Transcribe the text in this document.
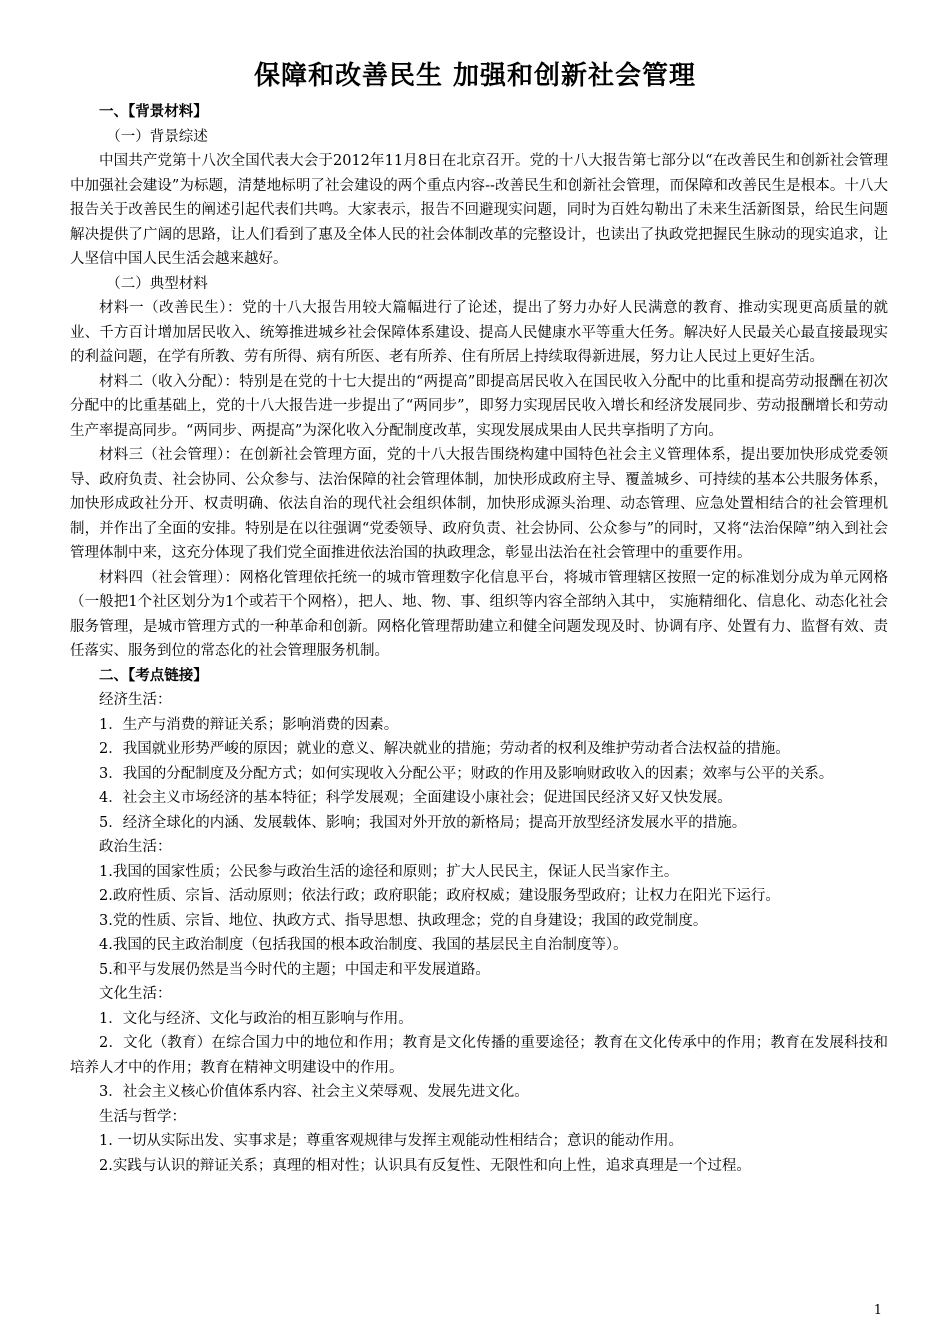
保障和改善民生 加强和创新社会管理

一、【背景材料】

（一）背景综述

中国共产党第十八次全国代表大会于2012年11月8日在北京召开。党的十八大报告第七部分以“在改善民生和创新社会管理中加强社会建设”为标题，清楚地标明了社会建设的两个重点内容--改善民生和创新社会管理，而保障和改善民生是根本。十八大报告关于改善民生的阐述引起代表们共鸣。大家表示，报告不回避现实问题，同时为百姓勾勒出了未来生活新图景，给民生问题解决提供了广阔的思路，让人们看到了惠及全体人民的社会体制改革的完整设计，也读出了执政党把握民生脉动的现实追求，让人坚信中国人民生活会越来越好。

（二）典型材料

材料一（改善民生）：党的十八大报告用较大篇幅进行了论述，提出了努力办好人民满意的教育、推动实现更高质量的就业、千方百计增加居民收入、统筹推进城乡社会保障体系建设、提高人民健康水平等重大任务。解决好人民最关心最直接最现实的利益问题，在学有所教、劳有所得、病有所医、老有所养、住有所居上持续取得新进展，努力让人民过上更好生活。

材料二（收入分配）：特别是在党的十七大提出的“两提高”即提高居民收入在国民收入分配中的比重和提高劳动报酬在初次分配中的比重基础上，党的十八大报告进一步提出了“两同步”，即努力实现居民收入增长和经济发展同步、劳动报酬增长和劳动生产率提高同步。“两同步、两提高”为深化收入分配制度改革，实现发展成果由人民共享指明了方向。

材料三（社会管理）：在创新社会管理方面，党的十八大报告围绕构建中国特色社会主义管理体系，提出要加快形成党委领导、政府负责、社会协同、公众参与、法治保障的社会管理体制，加快形成政府主导、覆盖城乡、可持续的基本公共服务体系，加快形成政社分开、权责明确、依法自治的现代社会组织体制，加快形成源头治理、动态管理、应急处置相结合的社会管理机制，并作出了全面的安排。特别是在以往强调“党委领导、政府负责、社会协同、公众参与”的同时，又将“法治保障”纳入到社会管理体制中来，这充分体现了我们党全面推进依法治国的执政理念，彰显出法治在社会管理中的重要作用。

材料四（社会管理）：网格化管理依托统一的城市管理数字化信息平台，将城市管理辖区按照一定的标准划分成为单元网格（一般把1个社区划分为1个或若干个网格），把人、地、物、事、组织等内容全部纳入其中， 实施精细化、信息化、动态化社会服务管理，是城市管理方式的一种革命和创新。网格化管理帮助建立和健全问题发现及时、协调有序、处置有力、监督有效、责任落实、服务到位的常态化的社会管理服务机制。

二、【考点链接】

经济生活：

1．生产与消费的辩证关系；影响消费的因素。

2．我国就业形势严峻的原因；就业的意义、解决就业的措施；劳动者的权利及维护劳动者合法权益的措施。

3．我国的分配制度及分配方式；如何实现收入分配公平；财政的作用及影响财政收入的因素；效率与公平的关系。

4．社会主义市场经济的基本特征；科学发展观；全面建设小康社会；促进国民经济又好又快发展。

5．经济全球化的内涵、发展载体、影响；我国对外开放的新格局；提高开放型经济发展水平的措施。

政治生活：

1.我国的国家性质；公民参与政治生活的途径和原则；扩大人民民主，保证人民当家作主。

2.政府性质、宗旨、活动原则；依法行政；政府职能；政府权威；建设服务型政府；让权力在阳光下运行。

3.党的性质、宗旨、地位、执政方式、指导思想、执政理念；党的自身建设；我国的政党制度。

4.我国的民主政治制度（包括我国的根本政治制度、我国的基层民主自治制度等）。

5.和平与发展仍然是当今时代的主题；中国走和平发展道路。

文化生活：

1．文化与经济、文化与政治的相互影响与作用。

2．文化（教育）在综合国力中的地位和作用；教育是文化传播的重要途径；教育在文化传承中的作用；教育在发展科技和培养人才中的作用；教育在精神文明建设中的作用。

3．社会主义核心价值体系内容、社会主义荣辱观、发展先进文化。

生活与哲学：

1. 一切从实际出发、实事求是；尊重客观规律与发挥主观能动性相结合；意识的能动作用。

2.实践与认识的辩证关系；真理的相对性；认识具有反复性、无限性和向上性，追求真理是一个过程。

1
